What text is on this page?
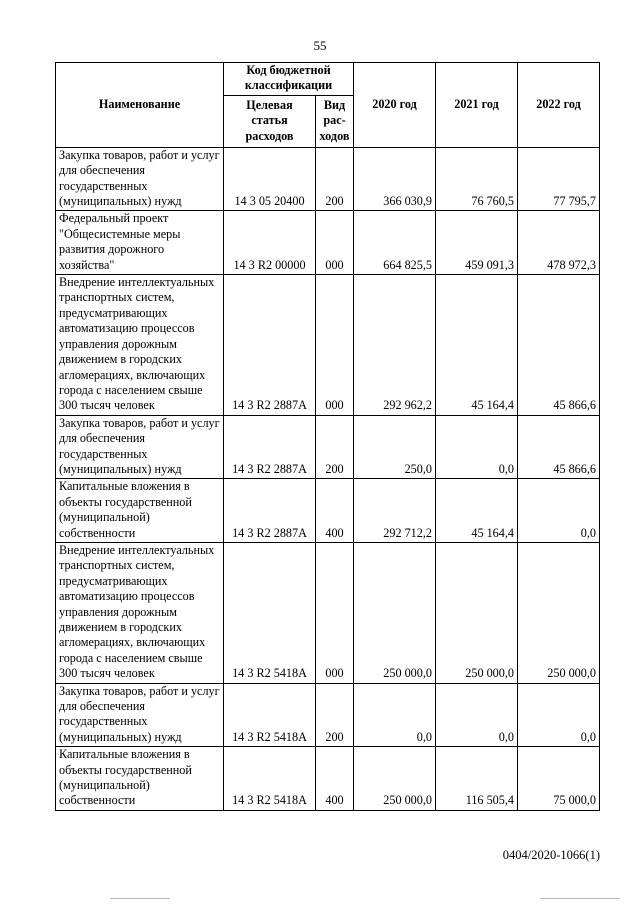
55
Наименование	Код бюджетной классификации		2020 год	2021 год	2022 год
	Целевая статья расходов	Вид рас-ходов			
Закупка товаров, работ и услуг для обеспечения государственных (муниципальных) нужд	14 3 05 20400	200	366 030,9	76 760,5	77 795,7
Федеральный проект "Общесистемные меры развития дорожного хозяйства"	14 3 R2 00000	000	664 825,5	459 091,3	478 972,3
Внедрение интеллектуальных транспортных систем, предусматривающих автоматизацию процессов управления дорожным движением в городских агломерациях, включающих города с населением свыше 300 тысяч человек	14 3 R2 2887A	000	292 962,2	45 164,4	45 866,6
Закупка товаров, работ и услуг для обеспечения государственных (муниципальных) нужд	14 3 R2 2887A	200	250,0	0,0	45 866,6
Капитальные вложения в объекты государственной (муниципальной) собственности	14 3 R2 2887A	400	292 712,2	45 164,4	0,0
Внедрение интеллектуальных транспортных систем, предусматривающих автоматизацию процессов управления дорожным движением в городских агломерациях, включающих города с населением свыше 300 тысяч человек	14 3 R2 5418A	000	250 000,0	250 000,0	250 000,0
Закупка товаров, работ и услуг для обеспечения государственных (муниципальных) нужд	14 3 R2 5418A	200	0,0	0,0	0,0
Капитальные вложения в объекты государственной (муниципальной) собственности	14 3 R2 5418A	400	250 000,0	116 505,4	75 000,0
0404/2020-1066(1)
